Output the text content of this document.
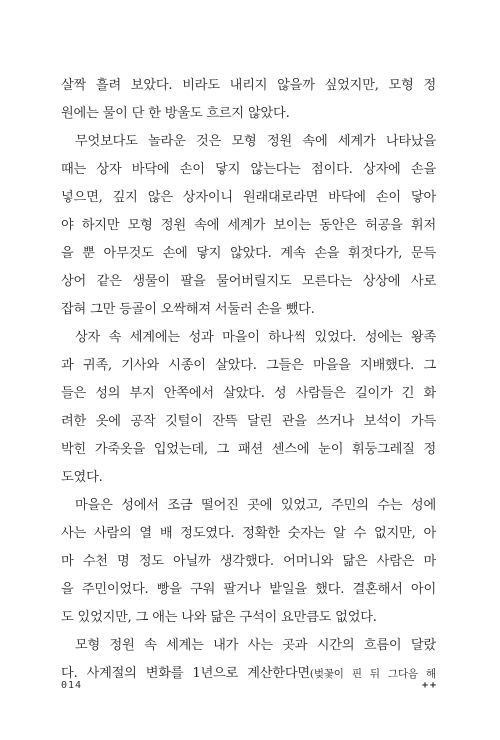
살짝 흘려 보았다. 비라도 내리지 않을까 싶었지만, 모형 정
원에는 물이 단 한 방울도 흐르지 않았다.
무엇보다도 놀라운 것은 모형 정원 속에 세계가 나타났을
때는 상자 바닥에 손이 닿지 않는다는 점이다. 상자에 손을
넣으면, 깊지 않은 상자이니 원래대로라면 바닥에 손이 닿아
야 하지만 모형 정원 속에 세계가 보이는 동안은 허공을 휘저
을 뿐 아무것도 손에 닿지 않았다. 계속 손을 휘젓다가, 문득
상어 같은 생물이 팔을 물어버릴지도 모른다는 상상에 사로
잡혀 그만 등골이 오싹해져 서둘러 손을 뺐다.
상자 속 세계에는 성과 마을이 하나씩 있었다. 성에는 왕족
과 귀족, 기사와 시종이 살았다. 그들은 마을을 지배했다. 그
들은 성의 부지 안쪽에서 살았다. 성 사람들은 길이가 긴 화
려한 옷에 공작 깃털이 잔뜩 달린 관을 쓰거나 보석이 가득
박힌 가죽옷을 입었는데, 그 패션 센스에 눈이 휘둥그레질 정
도였다.
마을은 성에서 조금 떨어진 곳에 있었고, 주민의 수는 성에
사는 사람의 열 배 정도였다. 정확한 숫자는 알 수 없지만, 아
마 수천 명 정도 아닐까 생각했다. 어머니와 닮은 사람은 마
을 주민이었다. 빵을 구워 팔거나 밭일을 했다. 결혼해서 아이
도 있었지만, 그 애는 나와 닮은 구석이 요만큼도 없었다.
모형 정원 속 세계는 내가 사는 곳과 시간의 흐름이 달랐
다. 사계절의 변화를 1년으로 계산한다면(벚꽃이 핀 뒤 그다음 해
014	++
